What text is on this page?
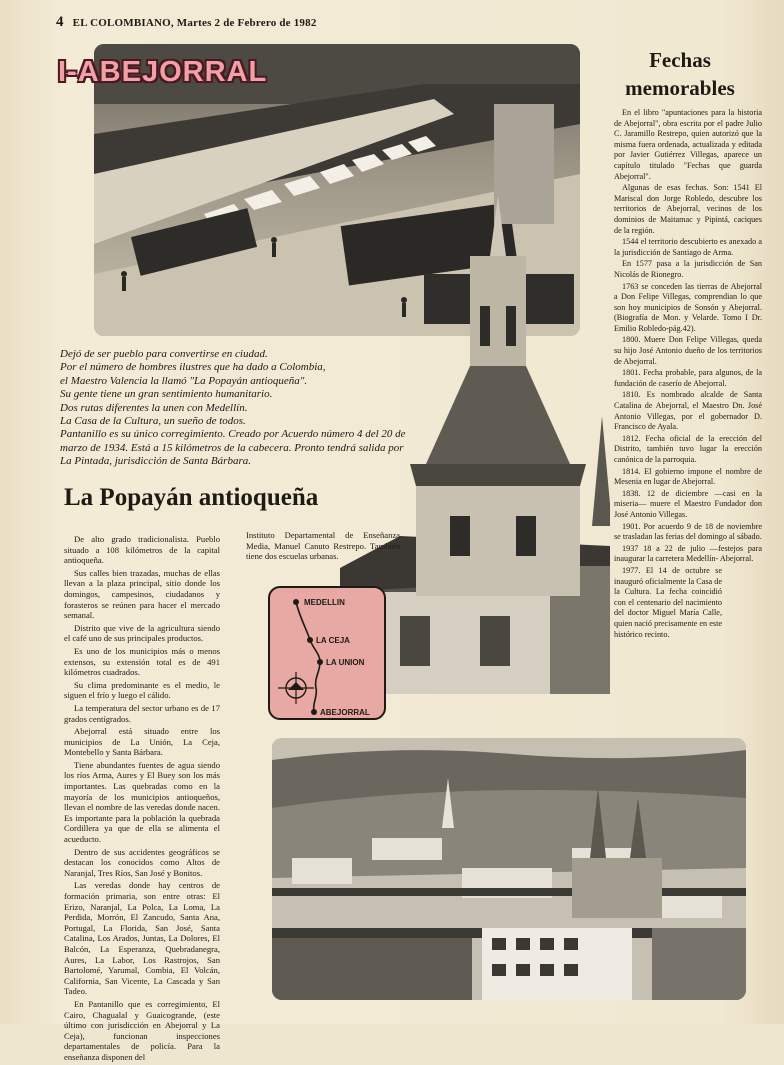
4 EL COLOMBIANO, Martes 2 de Febrero de 1982
I-ABEJORRAL	Fechas
memorables

En el libro "apuntaciones para la historia de Abejorral", obra escrita por el padre Julio C. Jaramillo Restrepo, quien autorizó que la misma fuera ordenada, actualizada y editada por Javier Gutiérrez Villegas, aparece un capítulo titulado "Fechas que guarda Abejorral".

Algunas de esas fechas. Son: 1541 El Mariscal don Jorge Robledo, descubre los territorios de Abejorral, vecinos de los dominios de Maitamac y Pipintá, caciques de la región.

1544 el territorio descubierto es anexado a la jurisdicción de Santiago de Arma.

En 1577 pasa a la jurisdicción de San Nicolás de Rionegro.

1763 se conceden las tierras de Abejorral a Don Felipe Villegas, comprendian lo que son hoy municipios de Sonsón y Abejorral. (Biografía de Mon. y Velarde. Tomo I Dr. Emilio Robledo-pág.42).

1800. Muere Don Felipe Villegas, queda su hijo José Antonio dueño de los territorios de Abejorral.

1801. Fecha probable, para algunos, de la fundación de caserío de Abejorral.

1810. Es nombrado alcalde de Santa Catalina de Abejorral, el Maestro Dn. José Antonio Villegas, por el gobernador D. Francisco de Ayala.

1812. Fecha oficial de la erección del Distrito, también tuvo lugar la erección canónica de la parroquia.

1814. El gobierno impone el nombre de Mesenia en lugar de Abejorral.

1838. 12 de diciembre —casi en la miseria— muere el Maestro Fundador don José Antonio Villegas.

1901. Por acuerdo 9 de 18 de noviembre se trasladan las ferias del domingo al sábado.

1937 18 a 22 de julio —festejos para inaugurar la carretera Medellín- Abejorral.

1977. El 14 de octubre se inauguró oficialmente la Casa de la Cultura. La fecha coincidió con el centenario del nacimiento del doctor Miguel María Calle, quien nació precisamente en este histórico recinto.

Dejó de ser pueblo para convertirse en ciudad.

Por el número de hombres ilustres que ha dado a Colombia,

el Maestro Valencia la llamó "La Popayán antioqueña".

Su gente tiene un gran sentimiento humanitario.

Dos rutas diferentes la unen con Medellín.

La Casa de la Cultura, un sueño de todos.

Pantanillo es su único corregimiento. Creado por Acuerdo número 4 del 20 de marzo de 1934. Está a 15 kilómetros de la cabecera. Pronto tendrá salida por La Pintada, jurisdicción de Santa Bárbara.

La Popayán antioqueña

De alto grado tradicionalista. Pueblo situado a 108 kilómetros de la capital antioqueña.

Sus calles bien trazadas, muchas de ellas llevan a la plaza principal, sitio donde los domingos, campesinos, ciudadanos y forasteros se reúnen para hacer el mercado semanal.

Distrito que vive de la agricultura siendo el café uno de sus principales productos.

Es uno de los municipios más o menos extensos, su extensión total es de 491 kilómetros cuadrados.

Su clima predominante es el medio, le siguen el frío y luego el cálido.

La temperatura del sector urbano es de 17 grados centígrados.

Abejorral está situado entre los municipios de La Unión, La Ceja, Montebello y Santa Bárbara.

Tiene abundantes fuentes de agua siendo los ríos Arma, Aures y El Buey son los más importantes. Las quebradas como en la mayoría de los municipios antioqueños, llevan el nombre de las veredas donde nacen. Es importante para la población la quebrada Cordillera ya que de ella se alimenta el acueducto.

Dentro de sus accidentes geográficos se destacan los conocidos como Altos de Naranjal, Tres Ríos, San José y Bonitos.

Las veredas donde hay centros de formación primaria, son entre otras: El Erizo, Naranjal, La Polca, La Loma, La Perdida, Morrón, El Zancudo, Santa Ana, Portugal, La Florida, San José, Santa Catalina, Los Arados, Juntas, La Dolores, El Balcón, La Esperanza, Quebradanegra, Aures, La Labor, Los Rastrojos, San Bartolomé, Yarumal, Combia, El Volcán, California, San Vicente, La Cascada y San Tadeo.

En Pantanillo que es corregimiento, El Cairo, Chagualal y Guaicogrande, (este último con jurisdicción en Abejorral y La Ceja), funcionan inspecciones departamentales de policía. Para la enseñanza disponen del

Instituto Departamental de Enseñanza Media, Manuel Canuto Restrepo. También tiene dos escuelas urbanas.

MEDELLIN
LA CEJA
LA UNION
ABEJORRAL
